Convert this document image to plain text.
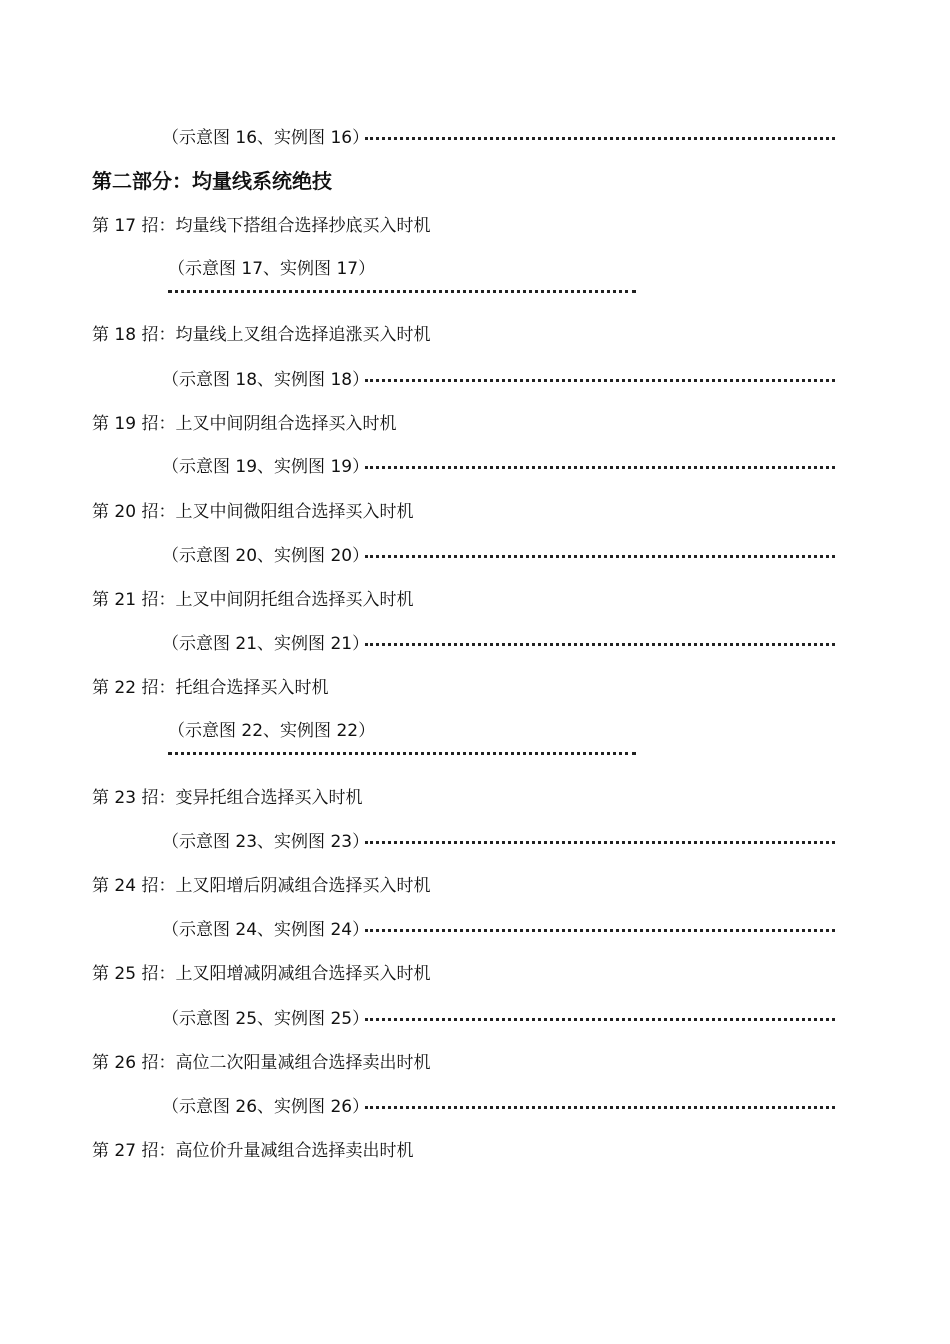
（示意图 16、实例图 16）
第二部分：均量线系统绝技
第 17 招：均量线下搭组合选择抄底买入时机
（示意图 17、实例图 17）
第 18 招：均量线上叉组合选择追涨买入时机
（示意图 18、实例图 18）
第 19 招：上叉中间阴组合选择买入时机
（示意图 19、实例图 19）
第 20 招：上叉中间微阳组合选择买入时机
（示意图 20、实例图 20）
第 21 招：上叉中间阴托组合选择买入时机
（示意图 21、实例图 21）
第 22 招：托组合选择买入时机
（示意图 22、实例图 22）
第 23 招：变异托组合选择买入时机
（示意图 23、实例图 23）
第 24 招：上叉阳增后阴减组合选择买入时机
（示意图 24、实例图 24）
第 25 招：上叉阳增减阴减组合选择买入时机
（示意图 25、实例图 25）
第 26 招：高位二次阳量减组合选择卖出时机
（示意图 26、实例图 26）
第 27 招：高位价升量减组合选择卖出时机
